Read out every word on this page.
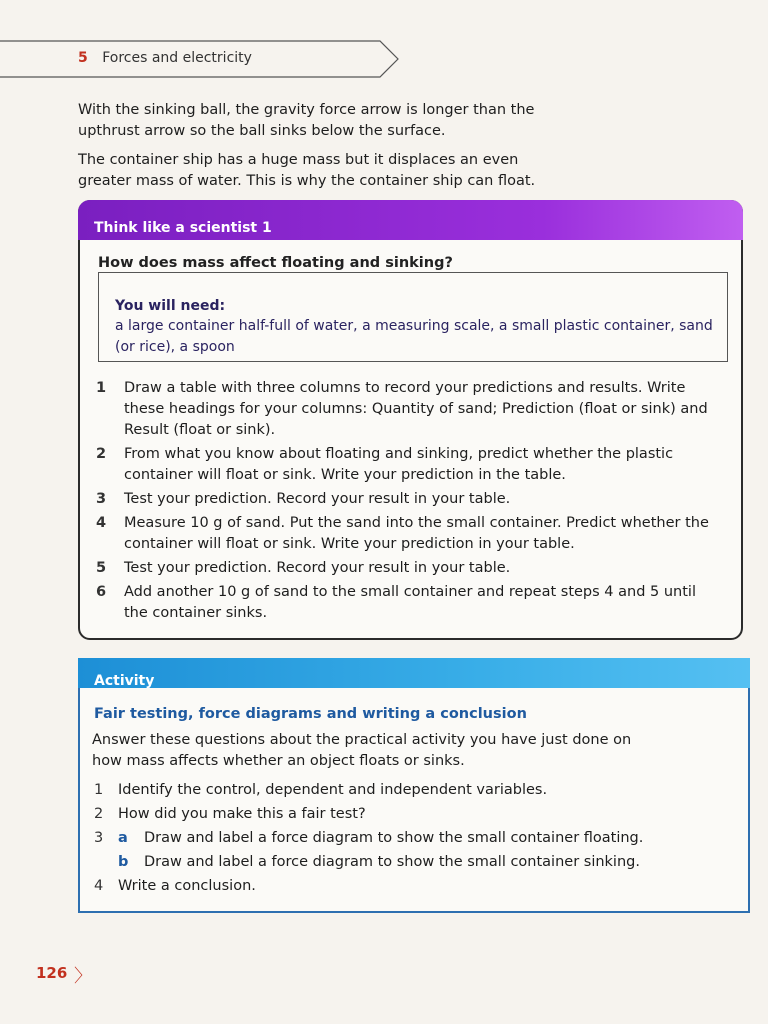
5 Forces and electricity

With the sinking ball, the gravity force arrow is longer than the upthrust arrow so the ball sinks below the surface.

The container ship has a huge mass but it displaces an even greater mass of water. This is why the container ship can float.

Think like a scientist 1
How does mass affect floating and sinking?
You will need:
a large container half-full of water, a measuring scale, a small plastic container, sand (or rice), a spoon
1 Draw a table with three columns to record your predictions and results. Write these headings for your columns: Quantity of sand; Prediction (float or sink) and Result (float or sink).
2 From what you know about floating and sinking, predict whether the plastic container will float or sink. Write your prediction in the table.
3 Test your prediction. Record your result in your table.
4 Measure 10 g of sand. Put the sand into the small container. Predict whether the container will float or sink. Write your prediction in your table.
5 Test your prediction. Record your result in your table.
6 Add another 10 g of sand to the small container and repeat steps 4 and 5 until the container sinks.
Activity
Fair testing, force diagrams and writing a conclusion
Answer these questions about the practical activity you have just done on how mass affects whether an object floats or sinks.
1 Identify the control, dependent and independent variables.
2 How did you make this a fair test?
3 a Draw and label a force diagram to show the small container floating.
b Draw and label a force diagram to show the small container sinking.
4 Write a conclusion.
126 〉
